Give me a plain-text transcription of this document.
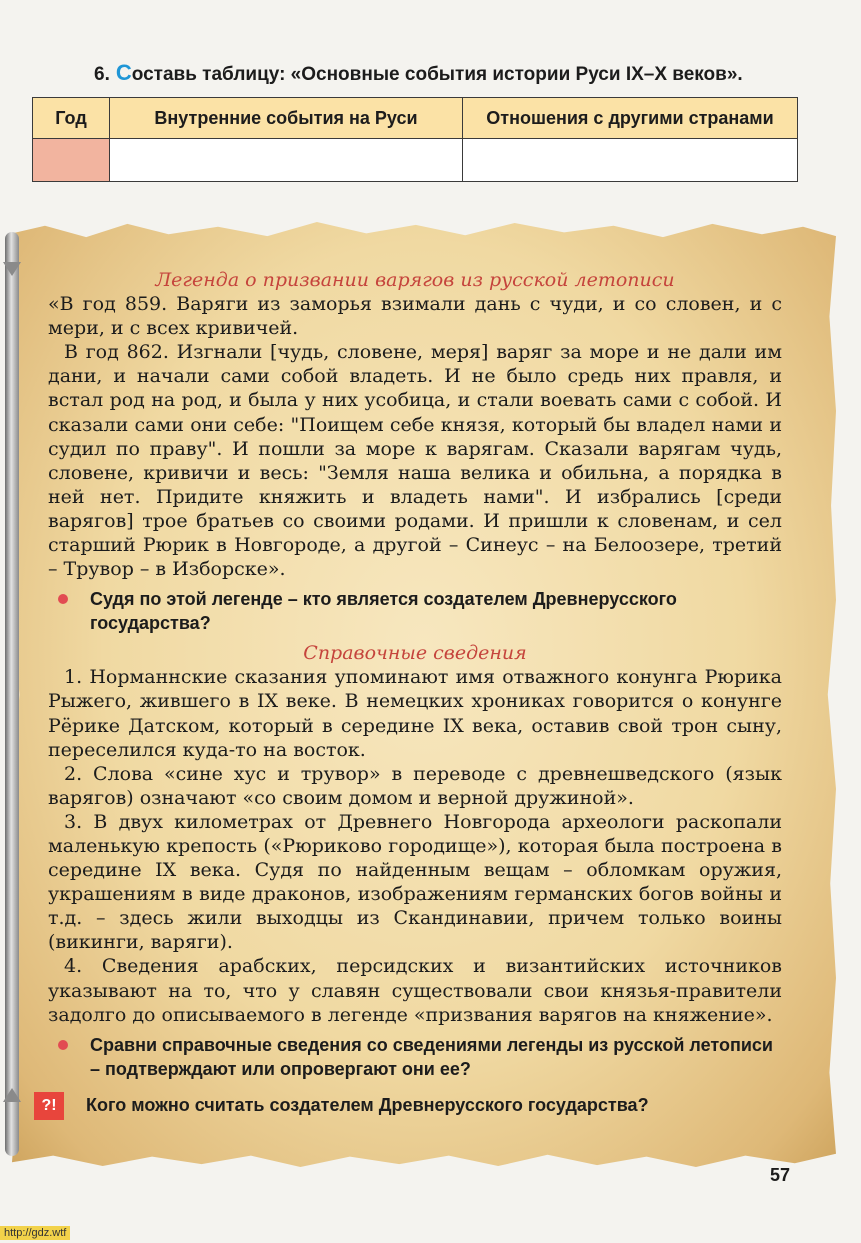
6. Составь таблицу: «Основные события истории Руси IX–X веков».
Год	Внутренние события на Руси	Отношения с другими странами

Легенда о призвании варягов из русской летописи

«В год 859. Варяги из заморья взимали дань с чуди, и со словен, и с мери, и с всех кривичей.

В год 862. Изгнали [чудь, словене, меря] варяг за море и не дали им дани, и начали сами собой владеть. И не было средь них правля, и встал род на род, и была у них усобица, и стали воевать сами с собой. И сказали сами они себе: "Поищем себе князя, который бы владел нами и судил по праву". И пошли за море к варягам. Сказали варягам чудь, словене, кривичи и весь: "Земля наша велика и обильна, а порядка в ней нет. Придите княжить и владеть нами". И избрались [среди варягов] трое братьев со своими родами. И пришли к словенам, и сел старший Рюрик в Новгороде, а другой – Синеус – на Белоозере, третий – Трувор – в Изборске».

Судя по этой легенде – кто является создателем Древнерусского государства?

Справочные сведения

1. Норманнские сказания упоминают имя отважного конунга Рюрика Рыжего, жившего в IX веке. В немецких хрониках говорится о конунге Рёрике Датском, который в середине IX века, оставив свой трон сыну, переселился куда-то на восток.

2. Слова «сине хус и трувор» в переводе с древнешведского (язык варягов) означают «со своим домом и верной дружиной».

3. В двух километрах от Древнего Новгорода археологи раскопали маленькую крепость («Рюриково городище»), которая была построена в середине IX века. Судя по найденным вещам – обломкам оружия, украшениям в виде драконов, изображениям германских богов войны и т.д. – здесь жили выходцы из Скандинавии, причем только воины (викинги, варяги).

4. Сведения арабских, персидских и византийских источников указывают на то, что у славян существовали свои князья-правители задолго до описываемого в легенде «призвания варягов на княжение».

Сравни справочные сведения со сведениями легенды из русской летописи – подтверждают или опровергают они ее?
?! Кого можно считать создателем Древнерусского государства?
57
http://gdz.wtf
